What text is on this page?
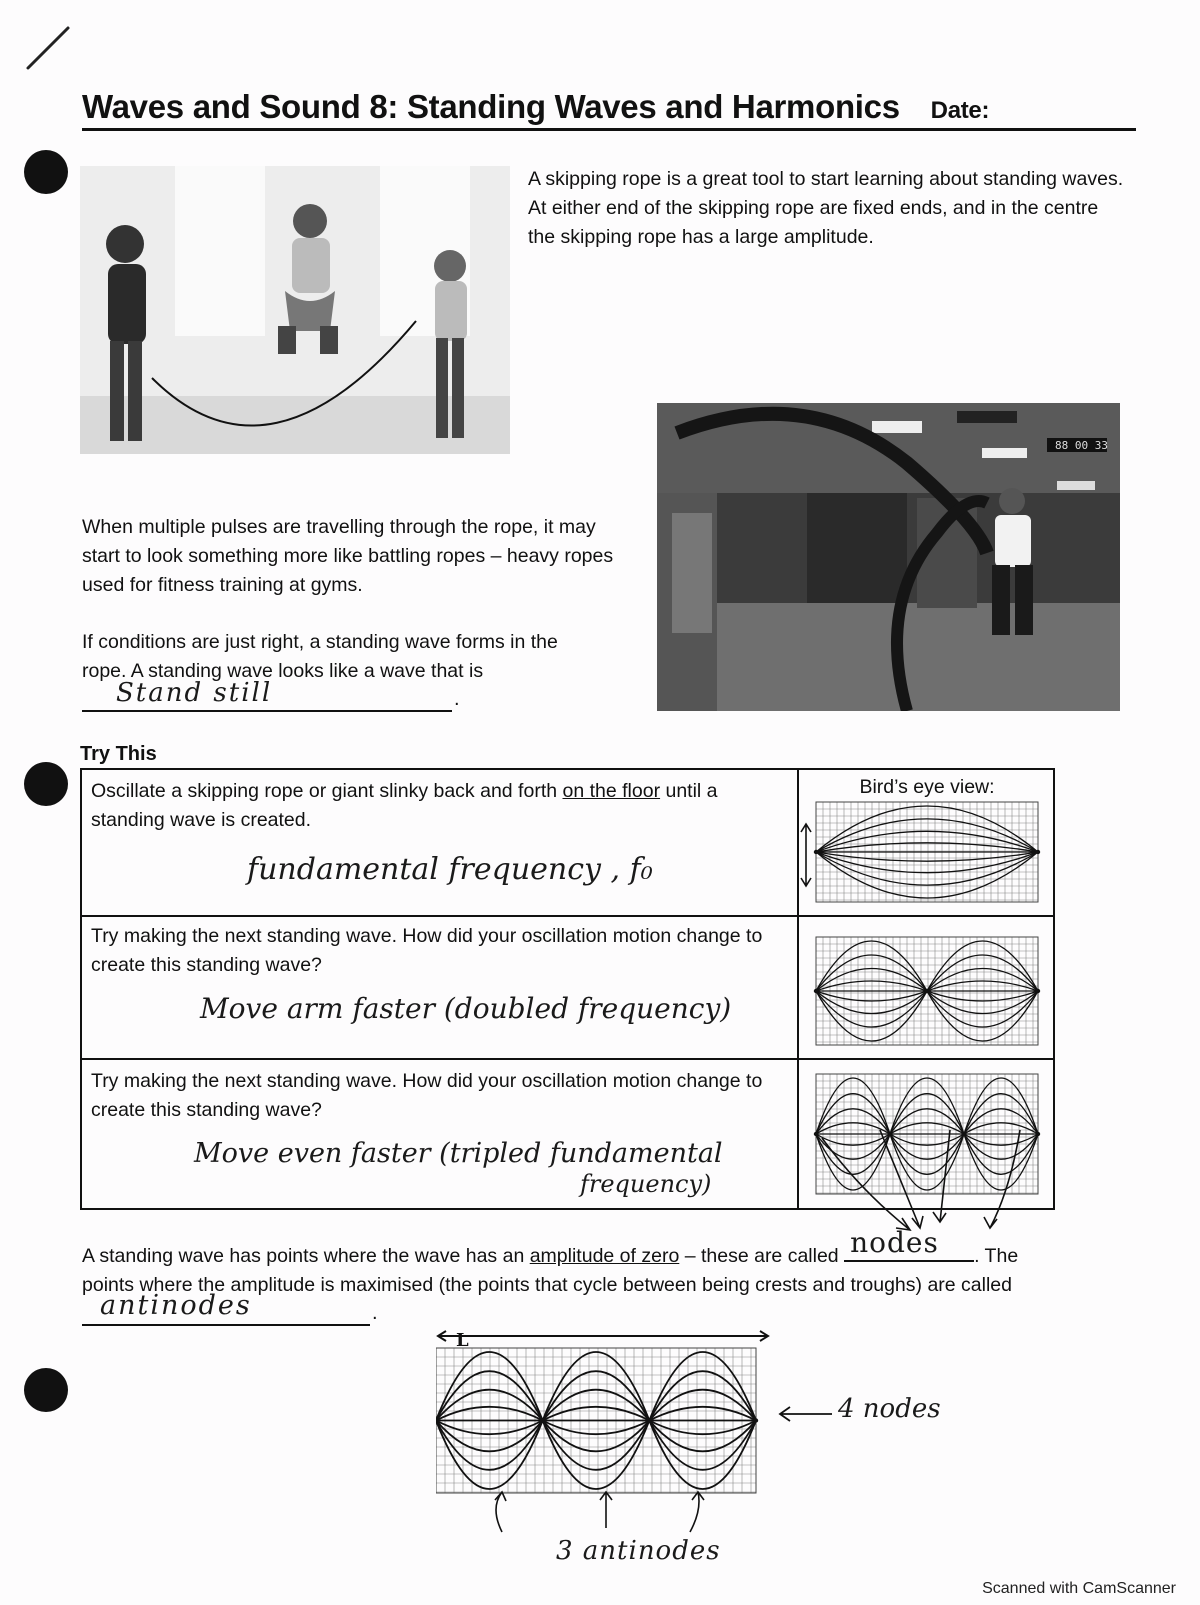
Waves and Sound 8: Standing Waves and Harmonics Date:
A skipping rope is a great tool to start learning about standing waves. At either end of the skipping rope are fixed ends, and in the centre the skipping rope has a large amplitude.
88 00 33
When multiple pulses are travelling through the rope, it may start to look something more like battling ropes – heavy ropes used for fitness training at gyms.
If conditions are just right, a standing wave forms in the
rope. A standing wave looks like a wave that is
Stand still	.
Try This
Oscillate a skipping rope or giant slinky back and forth on the floor until a standing wave is created.
fundamental frequency , f₀
Bird’s eye view:
Try making the next standing wave. How did your oscillation motion change to create this standing wave?
Move arm faster (doubled frequency)
Try making the next standing wave. How did your oscillation motion change to create this standing wave?
Move even faster (tripled fundamental
frequency)
A standing wave has points where the wave has an amplitude of zero – these are called nodes . The
points where the amplitude is maximised (the points that cycle between being crests and troughs) are called
antinodes	.
L
4 nodes
3 antinodes
Scanned with CamScanner
